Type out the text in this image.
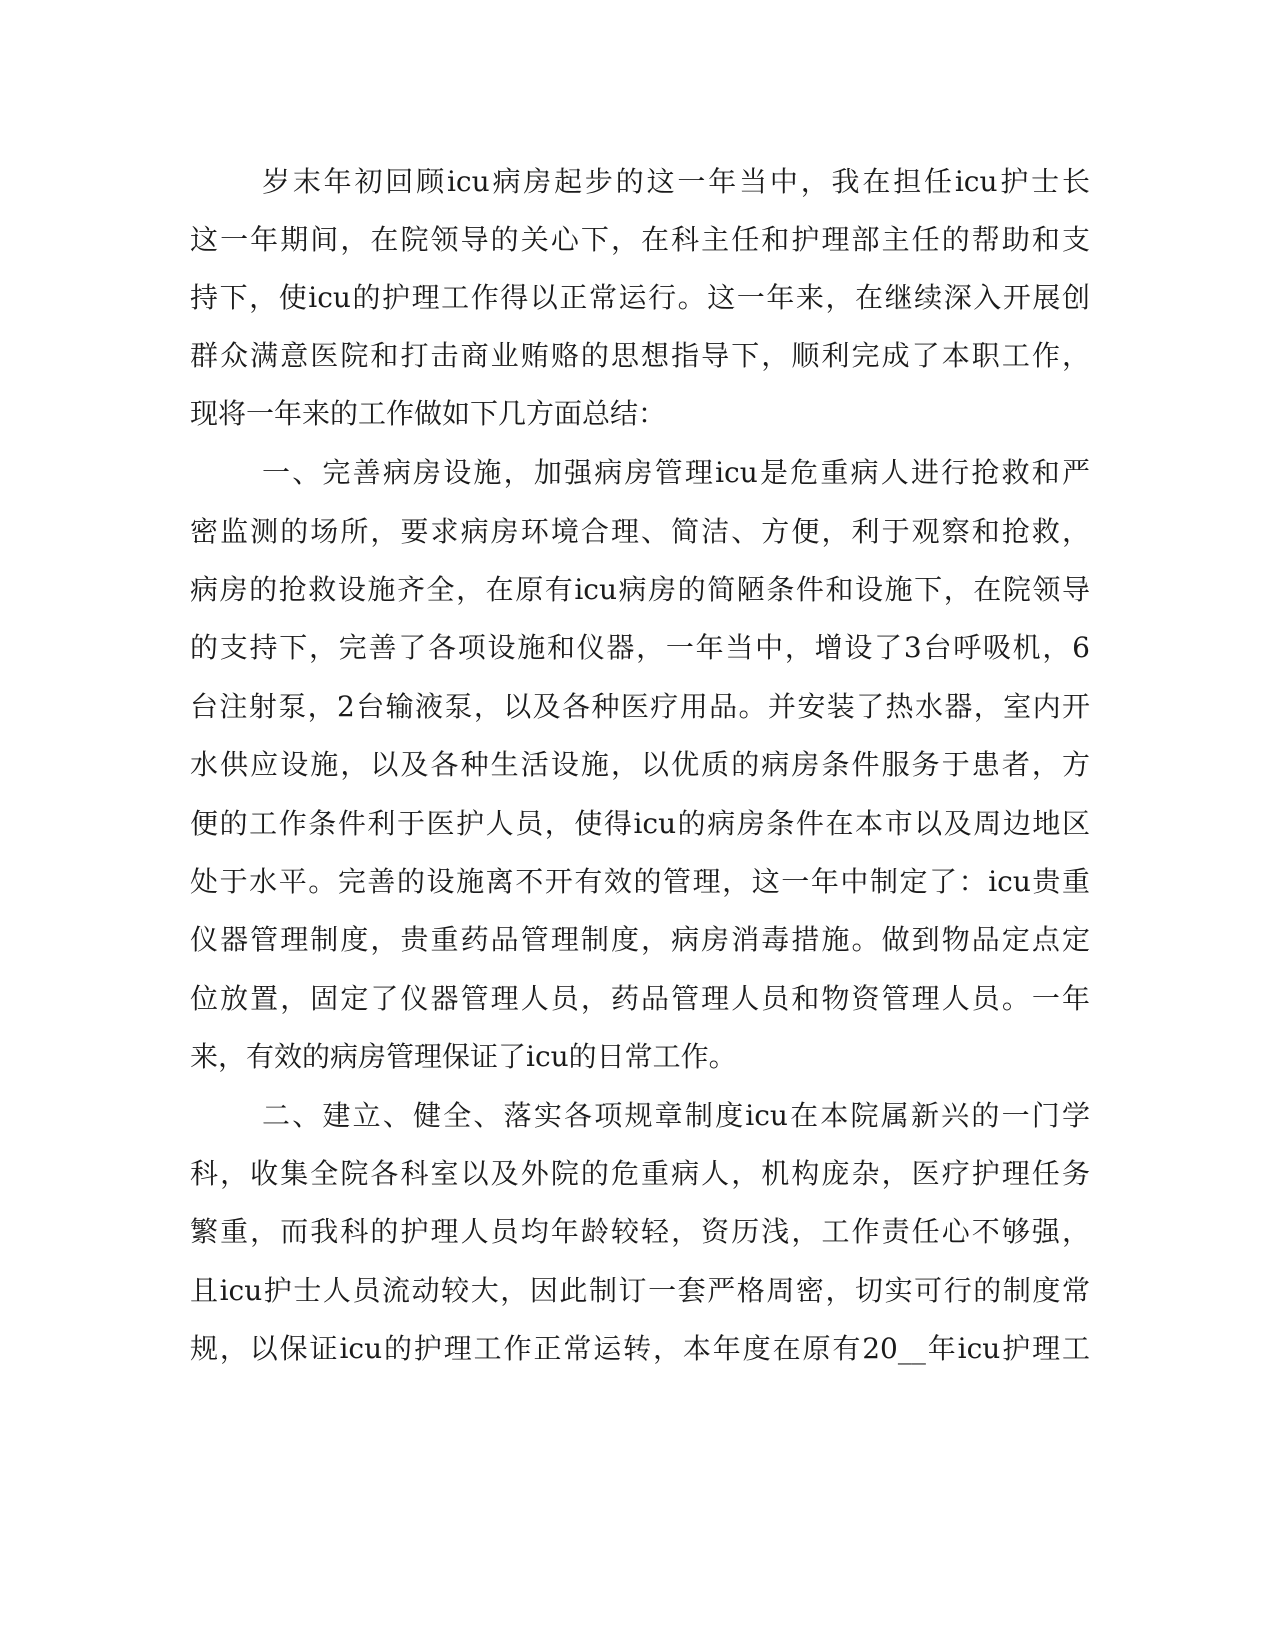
岁末年初回顾icu病房起步的这一年当中，我在担任icu护士长

这一年期间，在院领导的关心下，在科主任和护理部主任的帮助和支

持下，使icu的护理工作得以正常运行。这一年来，在继续深入开展创

群众满意医院和打击商业贿赂的思想指导下，顺利完成了本职工作，

现将一年来的工作做如下几方面总结：

一、完善病房设施，加强病房管理icu是危重病人进行抢救和严

密监测的场所，要求病房环境合理、简洁、方便，利于观察和抢救，

病房的抢救设施齐全，在原有icu病房的简陋条件和设施下，在院领导

的支持下，完善了各项设施和仪器，一年当中，增设了3台呼吸机，6

台注射泵，2台输液泵，以及各种医疗用品。并安装了热水器，室内开

水供应设施，以及各种生活设施，以优质的病房条件服务于患者，方

便的工作条件利于医护人员，使得icu的病房条件在本市以及周边地区

处于水平。完善的设施离不开有效的管理，这一年中制定了：icu贵重

仪器管理制度，贵重药品管理制度，病房消毒措施。做到物品定点定

位放置，固定了仪器管理人员，药品管理人员和物资管理人员。一年

来，有效的病房管理保证了icu的日常工作。

二、建立、健全、落实各项规章制度icu在本院属新兴的一门学

科，收集全院各科室以及外院的危重病人，机构庞杂，医疗护理任务

繁重，而我科的护理人员均年龄较轻，资历浅，工作责任心不够强，

且icu护士人员流动较大，因此制订一套严格周密，切实可行的制度常

规，以保证icu的护理工作正常运转，本年度在原有20__年icu护理工
